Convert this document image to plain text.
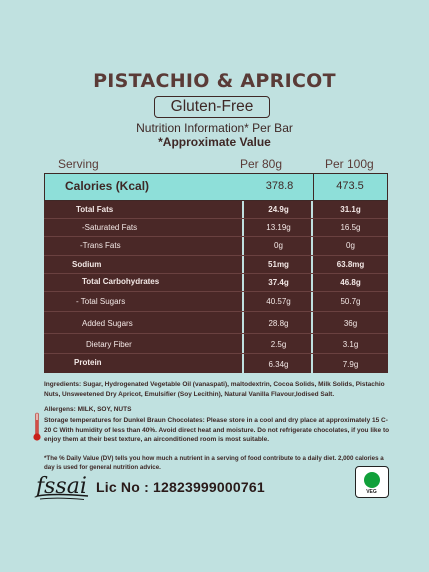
PISTACHIO & APRICOT
Gluten-Free
Nutrition Information* Per Bar
*Approximate Value
Serving	Per 80g	Per 100g
Calories (Kcal)	378.8	473.5
Total Fats	24.9g	31.1g
-Saturated Fats	13.19g	16.5g
-Trans Fats	0g	0g
Sodium	51mg	63.8mg
Total Carbohydrates	37.4g	46.8g
- Total Sugars	40.57g	50.7g
Added Sugars	28.8g	36g
Dietary Fiber	2.5g	3.1g
Protein	6.34g	7.9g
Ingredients: Sugar, Hydrogenated Vegetable Oil (vanaspati), maltodextrin, Cocoa Solids, Milk Solids, Pistachio Nuts, Unsweetened Dry Apricot, Emulsifier (Soy Lecithin), Natural Vanilla Flavour,Iodised Salt.
Allergens: MILK, SOY, NUTS
Storage temperatures for Dunkel Braun Chocolates: Please store in a cool and dry place at approximately 15 C-20 C With humidity of less than 40%. Avoid direct heat and moisture. Do not refrigerate chocolates, if you like to enjoy them at their best texture, an airconditioned room is most suitable.
*The % Daily Value (DV) tells you how much a nutrient in a serving of food contribute to a daily diet. 2,000 calories a day is used for general nutrition advice.
fssai Lic No : 12823999000761	VEG
